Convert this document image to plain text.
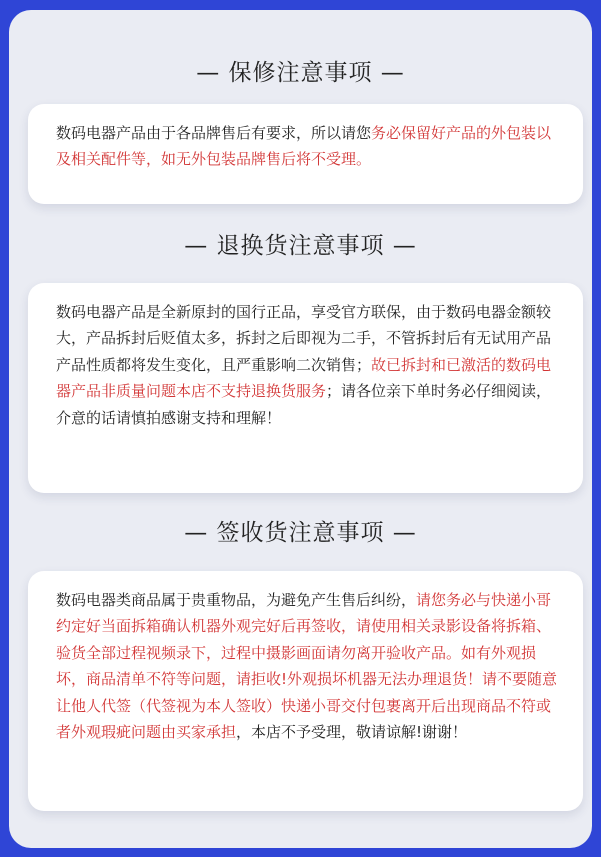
— 保修注意事项 —
数码电器产品由于各品牌售后有要求，所以请您务必保留好产品的外包装以及相关配件等，如无外包装品牌售后将不受理。
— 退换货注意事项 —
数码电器产品是全新原封的国行正品，享受官方联保，由于数码电器金额较大，产品拆封后贬值太多，拆封之后即视为二手，不管拆封后有无试用产品产品性质都将发生变化，且严重影响二次销售；故已拆封和已激活的数码电器产品非质量问题本店不支持退换货服务；请各位亲下单时务必仔细阅读，介意的话请慎拍感谢支持和理解！
— 签收货注意事项 —
数码电器类商品属于贵重物品，为避免产生售后纠纷，请您务必与快递小哥约定好当面拆箱确认机器外观完好后再签收，请使用相关录影设备将拆箱、验货全部过程视频录下，过程中摄影画面请勿离开验收产品。如有外观损坏，商品清单不符等问题，请拒收!外观损坏机器无法办理退货！请不要随意让他人代签（代签视为本人签收）快递小哥交付包裹离开后出现商品不符或者外观瑕疵问题由买家承担，本店不予受理，敬请谅解!谢谢！
